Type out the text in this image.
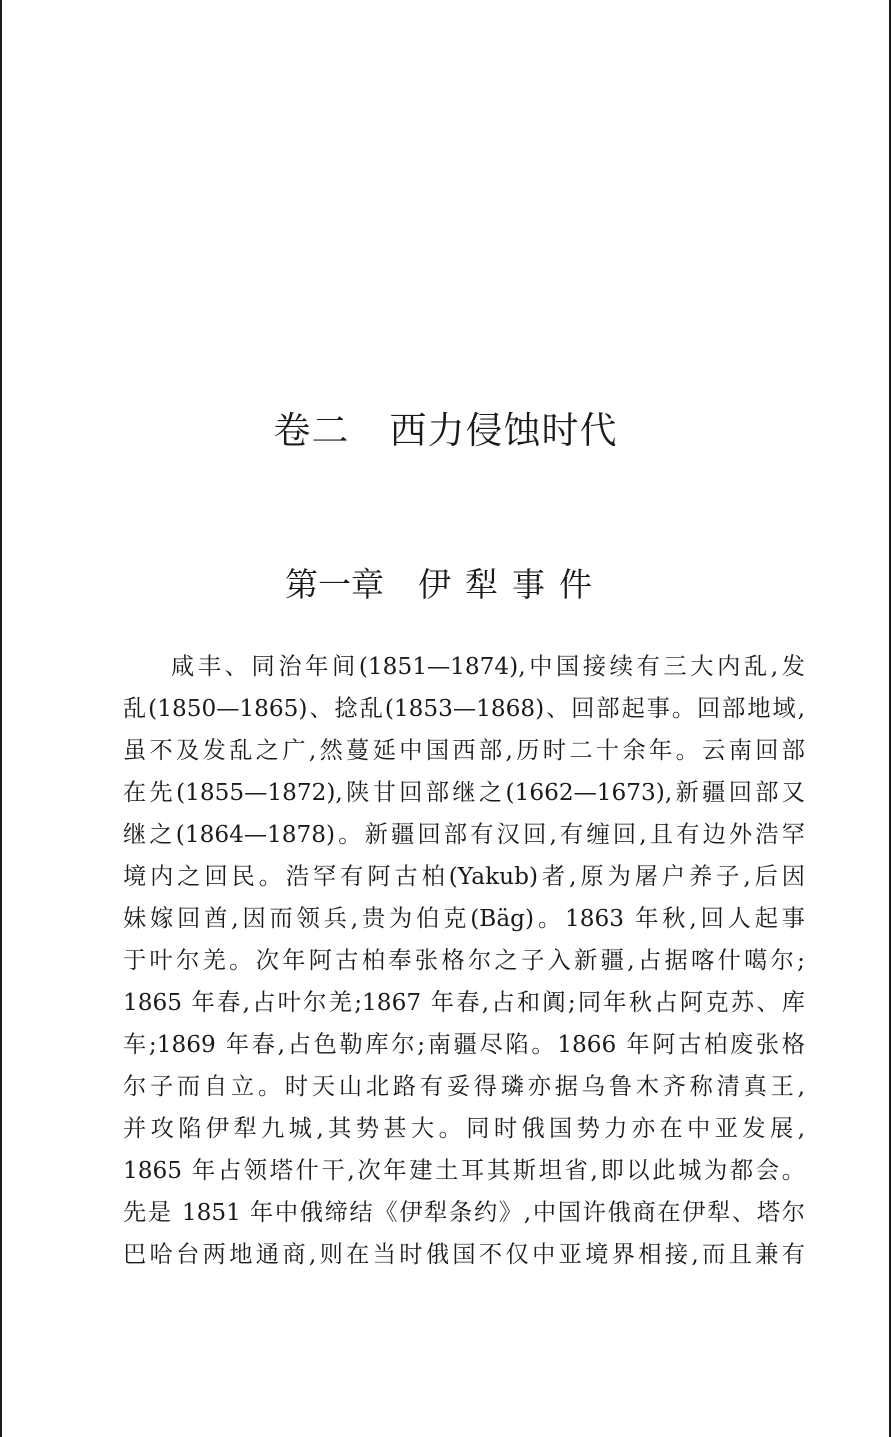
卷二 西力侵蚀时代
第一章 伊犁事件
咸丰、同治年间(1851—1874),中国接续有三大内乱,发
乱(1850—1865)、捻乱(1853—1868)、回部起事。回部地域,
虽不及发乱之广,然蔓延中国西部,历时二十余年。云南回部
在先(1855—1872),陕甘回部继之(1662—1673),新疆回部又
继之(1864—1878)。新疆回部有汉回,有缠回,且有边外浩罕
境内之回民。浩罕有阿古柏(Yakub)者,原为屠户养子,后因
妹嫁回酋,因而领兵,贵为伯克(Bäg)。1863 年秋,回人起事
于叶尔羌。次年阿古柏奉张格尔之子入新疆,占据喀什噶尔;
1865 年春,占叶尔羌;1867 年春,占和阗;同年秋占阿克苏、库
车;1869 年春,占色勒库尔;南疆尽陷。1866 年阿古柏废张格
尔子而自立。时天山北路有妥得璘亦据乌鲁木齐称清真王,
并攻陷伊犁九城,其势甚大。同时俄国势力亦在中亚发展,
1865 年占领塔什干,次年建土耳其斯坦省,即以此城为都会。
先是 1851 年中俄缔结《伊犁条约》,中国许俄商在伊犁、塔尔
巴哈台两地通商,则在当时俄国不仅中亚境界相接,而且兼有
